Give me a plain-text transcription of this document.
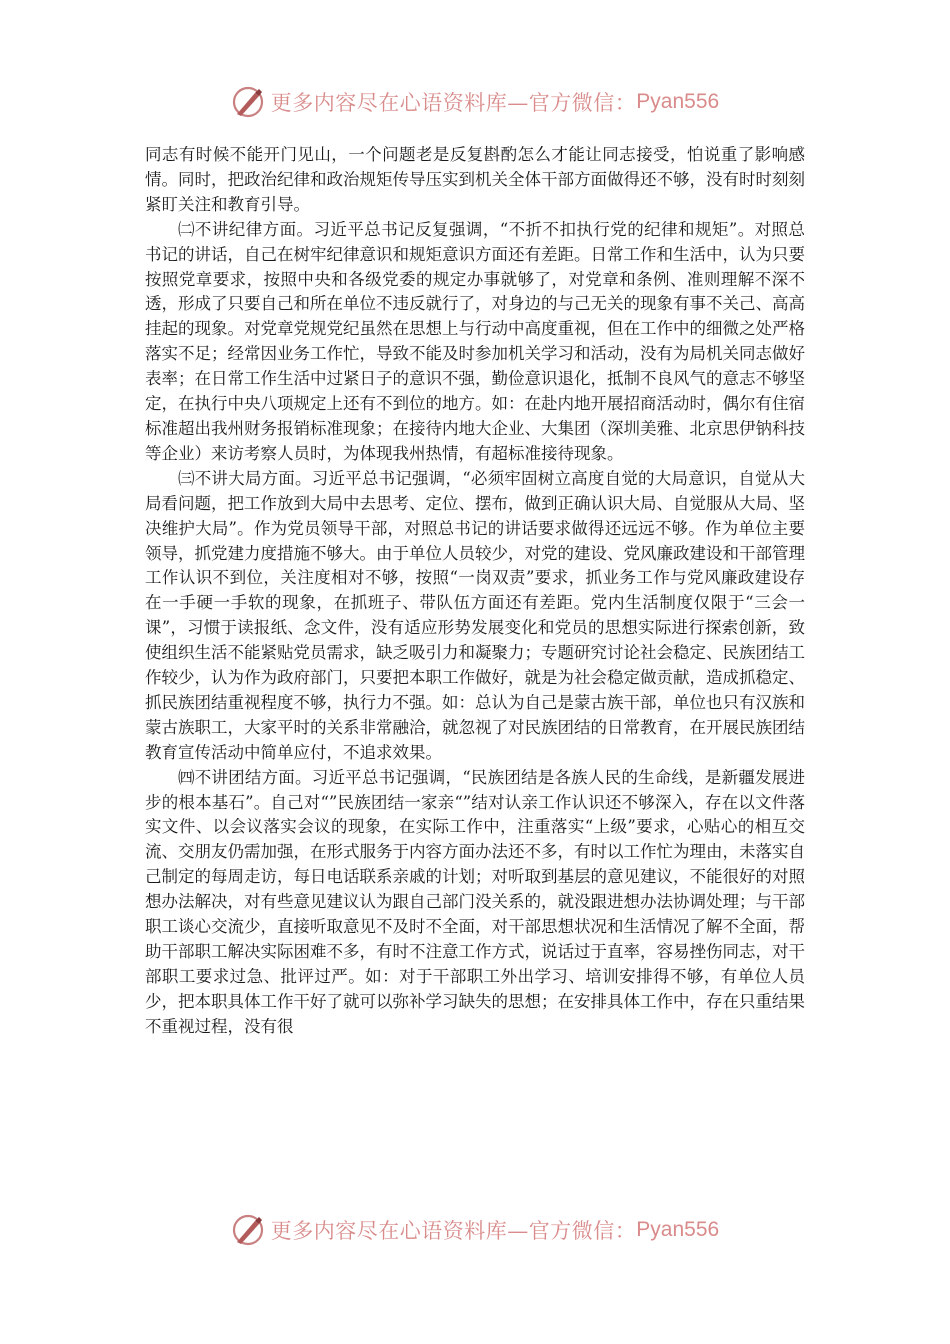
更多内容尽在心语资料库—官方微信： Pyan556

同志有时候不能开门见山，一个问题老是反复斟酌怎么才能让同志接受，怕说重了影响感情。同时，把政治纪律和政治规矩传导压实到机关全体干部方面做得还不够，没有时时刻刻紧盯关注和教育引导。

㈡不讲纪律方面。习近平总书记反复强调，“不折不扣执行党的纪律和规矩”。对照总书记的讲话，自己在树牢纪律意识和规矩意识方面还有差距。日常工作和生活中，认为只要按照党章要求，按照中央和各级党委的规定办事就够了，对党章和条例、准则理解不深不透，形成了只要自己和所在单位不违反就行了，对身边的与己无关的现象有事不关己、高高挂起的现象。对党章党规党纪虽然在思想上与行动中高度重视，但在工作中的细微之处严格落实不足；经常因业务工作忙，导致不能及时参加机关学习和活动，没有为局机关同志做好表率；在日常工作生活中过紧日子的意识不强，勤俭意识退化，抵制不良风气的意志不够坚定，在执行中央八项规定上还有不到位的地方。如：在赴内地开展招商活动时，偶尔有住宿标准超出我州财务报销标准现象；在接待内地大企业、大集团（深圳美雅、北京思伊钠科技等企业）来访考察人员时，为体现我州热情，有超标准接待现象。

㈢不讲大局方面。习近平总书记强调，“必须牢固树立高度自觉的大局意识，自觉从大局看问题，把工作放到大局中去思考、定位、摆布，做到正确认识大局、自觉服从大局、坚决维护大局”。作为党员领导干部，对照总书记的讲话要求做得还远远不够。作为单位主要领导，抓党建力度措施不够大。由于单位人员较少，对党的建设、党风廉政建设和干部管理工作认识不到位，关注度相对不够，按照“一岗双责”要求，抓业务工作与党风廉政建设存在一手硬一手软的现象，在抓班子、带队伍方面还有差距。党内生活制度仅限于“三会一课”，习惯于读报纸、念文件，没有适应形势发展变化和党员的思想实际进行探索创新，致使组织生活不能紧贴党员需求，缺乏吸引力和凝聚力；专题研究讨论社会稳定、民族团结工作较少，认为作为政府部门，只要把本职工作做好，就是为社会稳定做贡献，造成抓稳定、抓民族团结重视程度不够，执行力不强。如：总认为自己是蒙古族干部，单位也只有汉族和蒙古族职工，大家平时的关系非常融洽，就忽视了对民族团结的日常教育，在开展民族团结教育宣传活动中简单应付，不追求效果。

㈣不讲团结方面。习近平总书记强调，“民族团结是各族人民的生命线，是新疆发展进步的根本基石”。自己对“”民族团结一家亲“”结对认亲工作认识还不够深入，存在以文件落实文件、以会议落实会议的现象，在实际工作中，注重落实“上级”要求，心贴心的相互交流、交朋友仍需加强，在形式服务于内容方面办法还不多，有时以工作忙为理由，未落实自己制定的每周走访，每日电话联系亲戚的计划；对听取到基层的意见建议，不能很好的对照想办法解决，对有些意见建议认为跟自己部门没关系的，就没跟进想办法协调处理；与干部职工谈心交流少，直接听取意见不及时不全面，对干部思想状况和生活情况了解不全面，帮助干部职工解决实际困难不多，有时不注意工作方式，说话过于直率，容易挫伤同志，对干部职工要求过急、批评过严。如：对于干部职工外出学习、培训安排得不够，有单位人员少，把本职具体工作干好了就可以弥补学习缺失的思想；在安排具体工作中，存在只重结果不重视过程，没有很

更多内容尽在心语资料库—官方微信： Pyan556
